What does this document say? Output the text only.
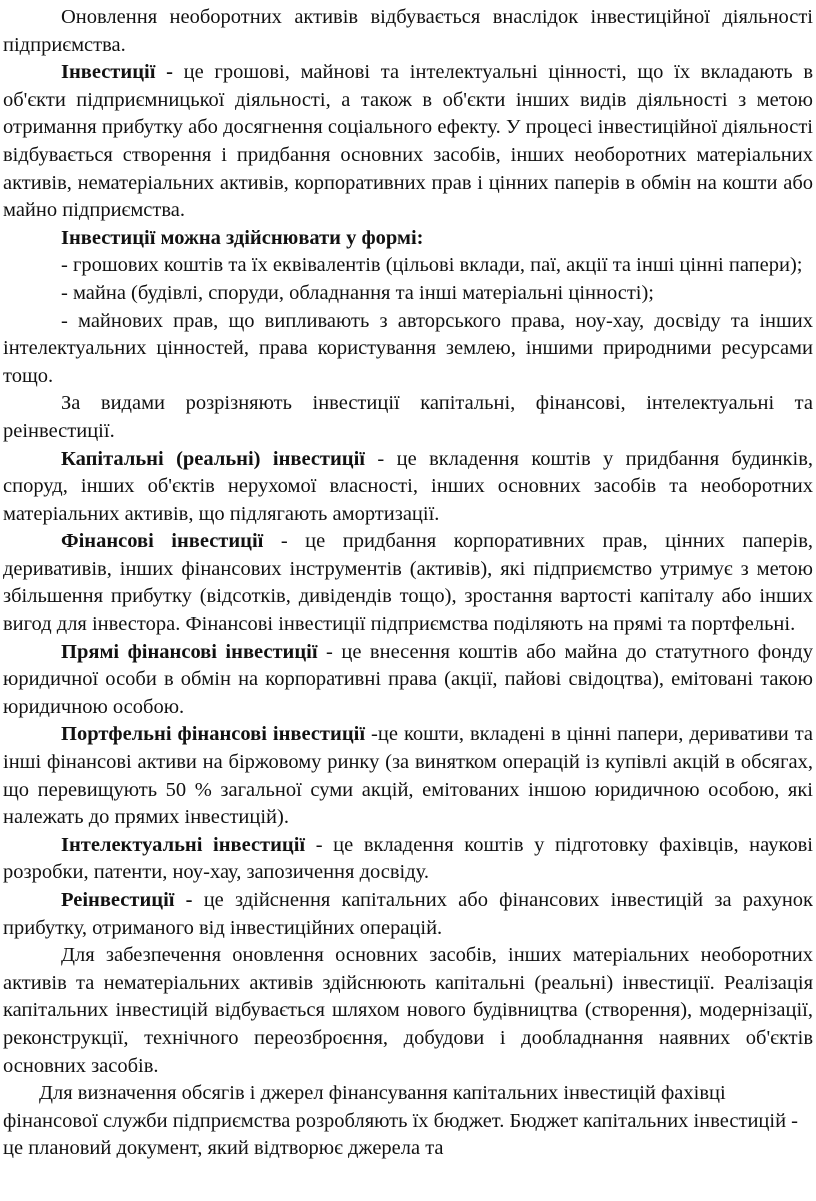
Оновлення необоротних активів відбувається внаслідок інвестиційної діяльності підприємства.

Інвестиції - це грошові, майнові та інтелектуальні цінності, що їх вкладають в об'єкти підприємницької діяльності, а також в об'єкти інших видів діяльності з метою отримання прибутку або досягнення соціального ефекту. У процесі інвестиційної діяльності відбувається створення і придбання основних засобів, інших необоротних матеріальних активів, нематеріальних активів, корпоративних прав і цінних паперів в обмін на кошти або майно підприємства.

Інвестиції можна здійснювати у формі:

- грошових коштів та їх еквівалентів (цільові вклади, паї, акції та інші цінні папери);

- майна (будівлі, споруди, обладнання та інші матеріальні цінності);

- майнових прав, що випливають з авторського права, ноу-хау, досвіду та інших інтелектуальних цінностей, права користування землею, іншими природними ресурсами тощо.

За видами розрізняють інвестиції капітальні, фінансові, інтелектуальні та реінвестиції.

Капітальні (реальні) інвестиції - це вкладення коштів у придбання будинків, споруд, інших об'єктів нерухомої власності, інших основних засобів та необоротних матеріальних активів, що підлягають амортизації.

Фінансові інвестиції - це придбання корпоративних прав, цінних паперів, деривативів, інших фінансових інструментів (активів), які підприємство утримує з метою збільшення прибутку (відсотків, дивідендів тощо), зростання вартості капіталу або інших вигод для інвестора. Фінансові інвестиції підприємства поділяють на прямі та портфельні.

Прямі фінансові інвестиції - це внесення коштів або майна до статутного фонду юридичної особи в обмін на корпоративні права (акції, пайові свідоцтва), емітовані такою юридичною особою.

Портфельні фінансові інвестиції -це кошти, вкладені в цінні папери, деривативи та інші фінансові активи на біржовому ринку (за винятком операцій із купівлі акцій в обсягах, що перевищують 50 % загальної суми акцій, емітованих іншою юридичною особою, які належать до прямих інвестицій).

Інтелектуальні інвестиції - це вкладення коштів у підготовку фахівців, наукові розробки, патенти, ноу-хау, запозичення досвіду.

Реінвестиції - це здійснення капітальних або фінансових інвестицій за рахунок прибутку, отриманого від інвестиційних операцій.

Для забезпечення оновлення основних засобів, інших матеріальних необоротних активів та нематеріальних активів здійснюють капітальні (реальні) інвестиції. Реалізація капітальних інвестицій відбувається шляхом нового будівництва (створення), модернізації, реконструкції, технічного переозброєння, добудови і дообладнання наявних об'єктів основних засобів.

Для визначення обсягів і джерел фінансування капітальних інвестицій фахівці фінансової служби підприємства розробляють їх бюджет. Бюджет капітальних інвестицій - це плановий документ, який відтворює джерела та
